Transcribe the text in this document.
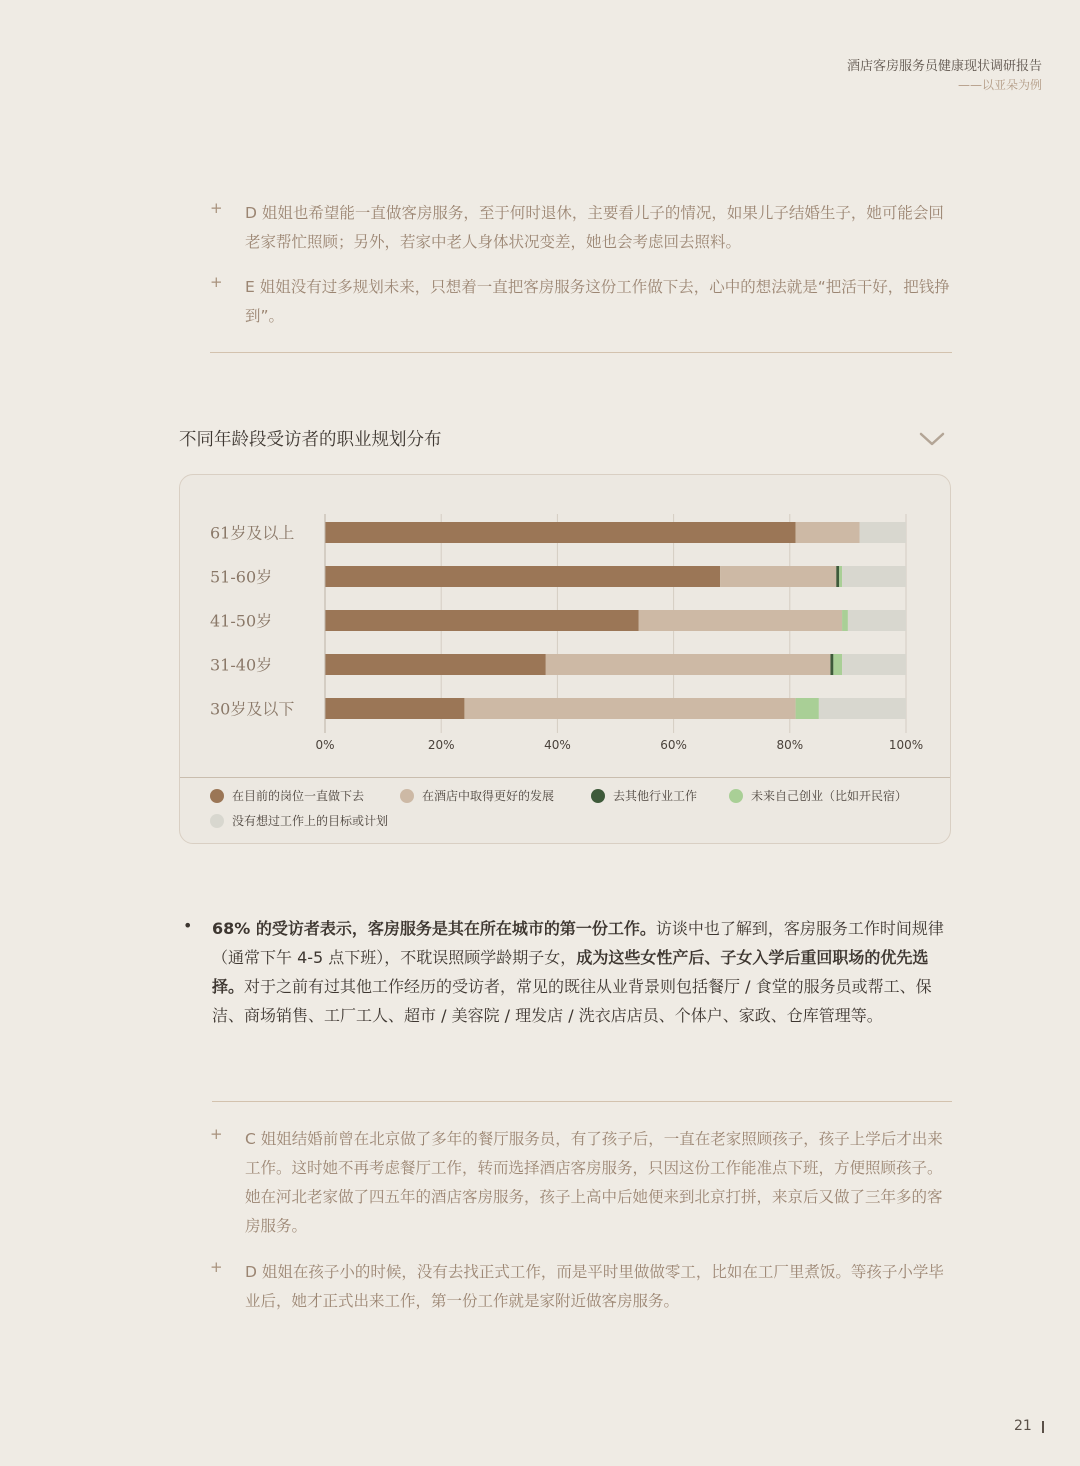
酒店客房服务员健康现状调研报告
——以亚朵为例
+ D 姐姐也希望能一直做客房服务，至于何时退休，主要看儿子的情况，如果儿子结婚生子，她可能会回老家帮忙照顾；另外，若家中老人身体状况变差，她也会考虑回去照料。
+ E 姐姐没有过多规划未来，只想着一直把客房服务这份工作做下去，心中的想法就是“把活干好，把钱挣到”。
不同年龄段受访者的职业规划分布
0%	20%	40%	60%	80%	100%
61岁及以上
51-60岁
41-50岁
31-40岁
30岁及以下
在目前的岗位一直做下去	在酒店中取得更好的发展	去其他行业工作	未来自己创业（比如开民宿）
没有想过工作上的目标或计划
• 68% 的受访者表示，客房服务是其在所在城市的第一份工作。访谈中也了解到，客房服务工作时间规律（通常下午 4-5 点下班），不耽误照顾学龄期子女，成为这些女性产后、子女入学后重回职场的优先选择。对于之前有过其他工作经历的受访者，常见的既往从业背景则包括餐厅 / 食堂的服务员或帮工、保洁、商场销售、工厂工人、超市 / 美容院 / 理发店 / 洗衣店店员、个体户、家政、仓库管理等。
+ C 姐姐结婚前曾在北京做了多年的餐厅服务员，有了孩子后，一直在老家照顾孩子，孩子上学后才出来工作。这时她不再考虑餐厅工作，转而选择酒店客房服务，只因这份工作能准点下班，方便照顾孩子。她在河北老家做了四五年的酒店客房服务，孩子上高中后她便来到北京打拼，来京后又做了三年多的客房服务。
+ D 姐姐在孩子小的时候，没有去找正式工作，而是平时里做做零工，比如在工厂里煮饭。等孩子小学毕业后，她才正式出来工作，第一份工作就是家附近做客房服务。
21
